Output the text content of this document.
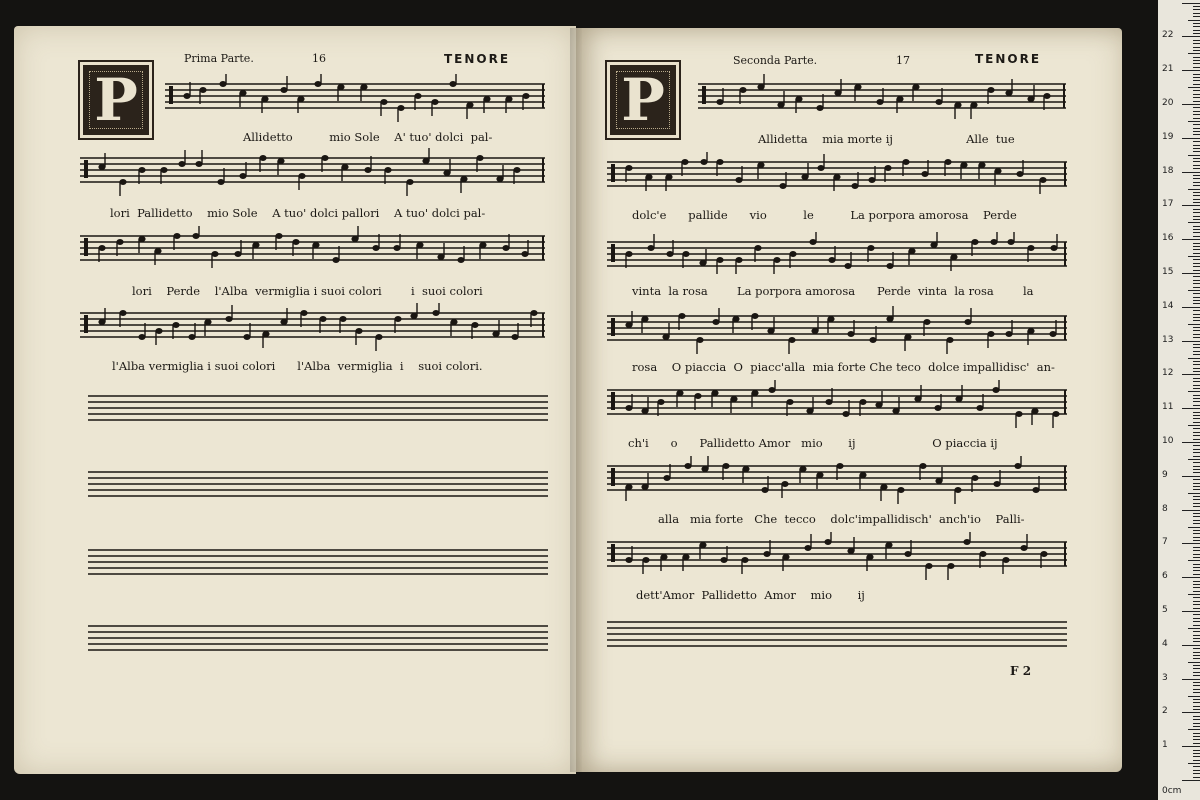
Prima Parte.	16	TENORE	Seconda Parte.	17	TENORE
P	P
Allidetto          mio Sole    A' tuo' dolci  pal-
lori  Pallidetto    mio Sole    A tuo' dolci pallori    A tuo' dolci pal-
lori    Perde    l'Alba  vermiglia i suoi colori        i  suoi colori
l'Alba vermiglia i suoi colori      l'Alba  vermiglia  i    suoi colori.
Allidetta    mia morte ij                    Alle  tue
dolc'e      pallide      vio          le          La porpora amorosa    Perde
vinta  la rosa        La porpora amorosa      Perde  vinta  la rosa        la
rosa    O piaccia  O  piacc'alla  mia forte Che teco  dolce impallidisc'  an-
ch'i      o      Pallidetto Amor   mio       ij                     O piaccia ij
alla   mia forte   Che  tecco    dolc'impallidisch'  anch'io    Palli-
dett'Amor  Pallidetto  Amor    mio       ij
F 2
0cm
1
2
3
4
5
6
7
8
9
10
11
12
13
14
15
16
17
18
19
20
21
22
